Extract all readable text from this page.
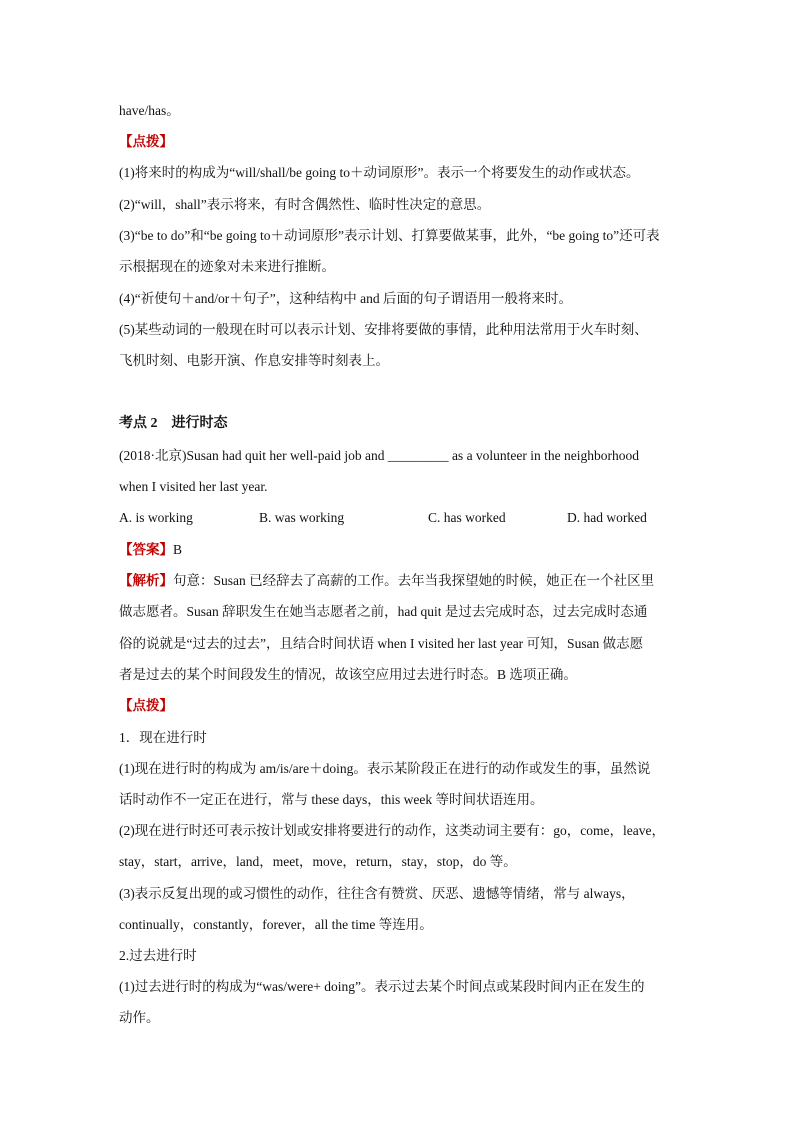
have/has。
【点拨】
(1)将来时的构成为“will/shall/be going to＋动词原形”。表示一个将要发生的动作或状态。
(2)“will，shall”表示将来，有时含偶然性、临时性决定的意思。
(3)“be to do”和“be going to＋动词原形”表示计划、打算要做某事，此外，“be going to”还可表
示根据现在的迹象对未来进行推断。
(4)“祈使句＋and/or＋句子”，这种结构中 and 后面的句子谓语用一般将来时。
(5)某些动词的一般现在时可以表示计划、安排将要做的事情，此种用法常用于火车时刻、
飞机时刻、电影开演、作息安排等时刻表上。
考点 2　进行时态
(2018·北京)Susan had quit her well-paid job and _________ as a volunteer in the neighborhood
when I visited her last year.
A. is working	B. was working	C. has worked	D. had worked
【答案】B
【解析】句意：Susan 已经辞去了高薪的工作。去年当我探望她的时候，她正在一个社区里
做志愿者。Susan 辞职发生在她当志愿者之前，had quit 是过去完成时态，过去完成时态通
俗的说就是“过去的过去”，且结合时间状语 when I visited her last year 可知，Susan 做志愿
者是过去的某个时间段发生的情况，故该空应用过去进行时态。B 选项正确。
【点拨】
1．现在进行时
(1)现在进行时的构成为 am/is/are＋doing。表示某阶段正在进行的动作或发生的事，虽然说
话时动作不一定正在进行，常与 these days，this week 等时间状语连用。
(2)现在进行时还可表示按计划或安排将要进行的动作，这类动词主要有：go，come，leave，
stay，start，arrive，land，meet，move，return，stay，stop，do 等。
(3)表示反复出现的或习惯性的动作，往往含有赞赏、厌恶、遗憾等情绪，常与 always，
continually，constantly，forever，all the time 等连用。
2.过去进行时
(1)过去进行时的构成为“was/were+ doing”。表示过去某个时间点或某段时间内正在发生的
动作。
